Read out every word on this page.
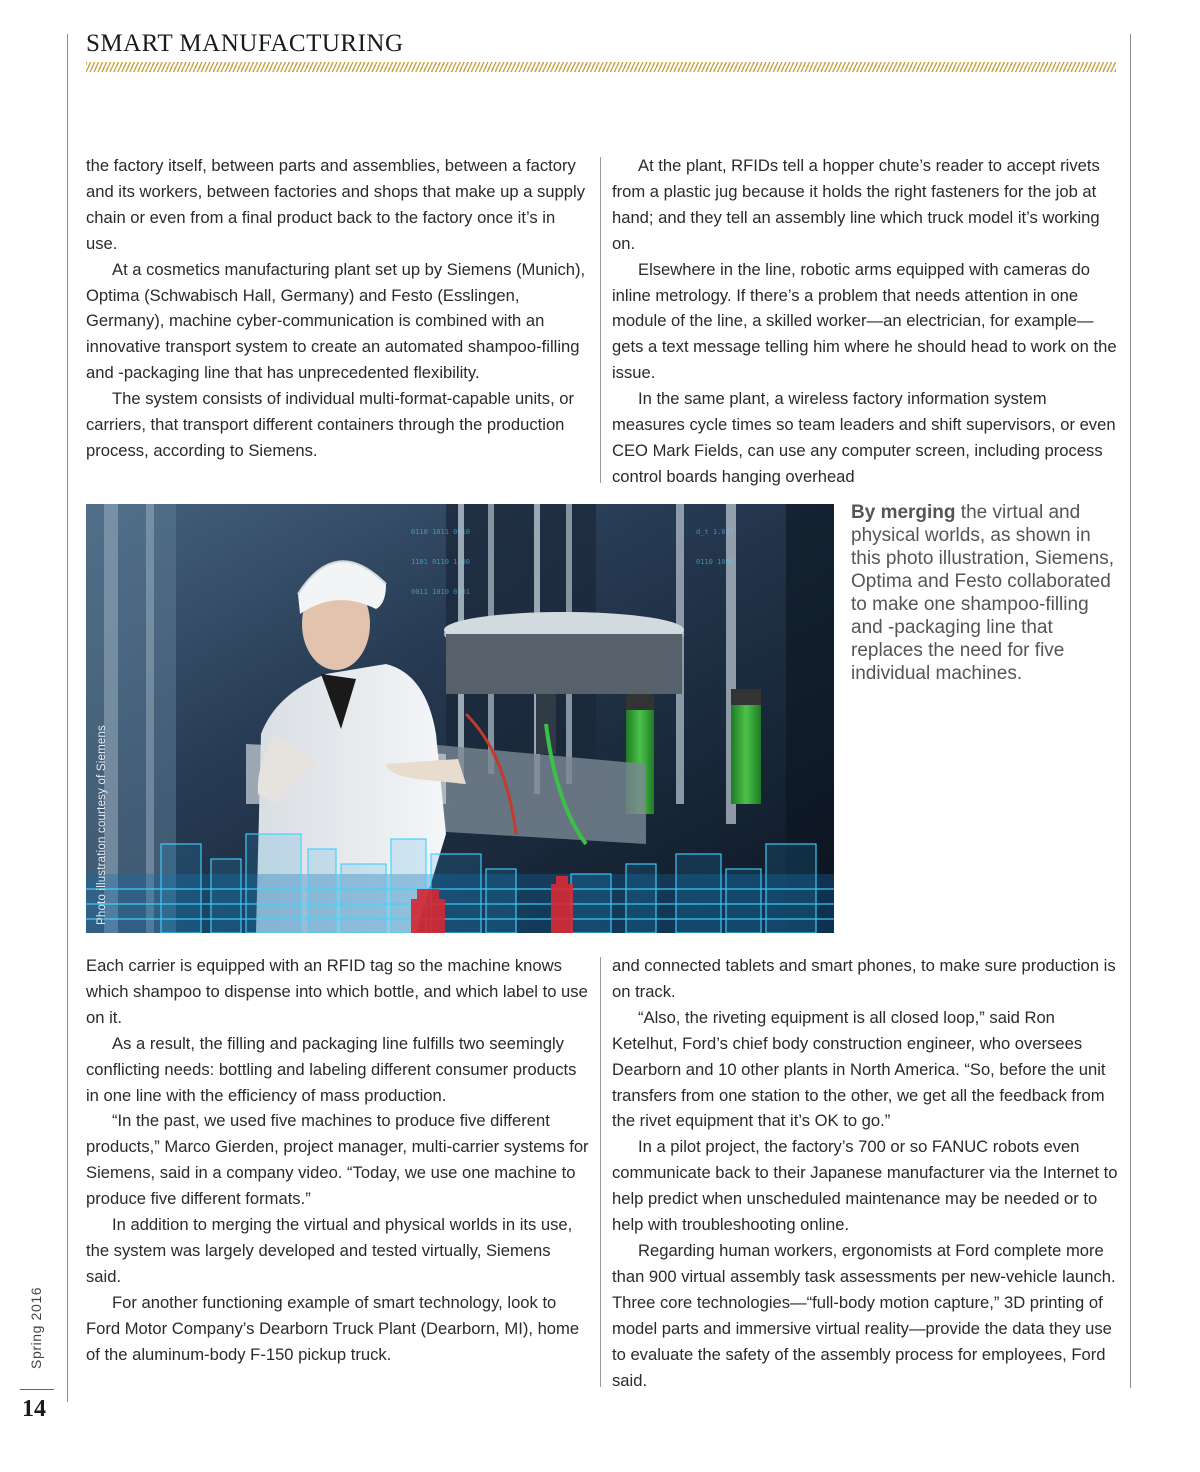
SMART MANUFACTURING

the factory itself, between parts and assemblies, between a factory and its workers, between factories and shops that make up a supply chain or even from a final product back to the factory once it’s in use.

At a cosmetics manufacturing plant set up by Siemens (Munich), Optima (Schwabisch Hall, Germany) and Festo (Esslingen, Germany), machine cyber-communication is combined with an innovative transport system to create an automated shampoo-filling and -packaging line that has unprecedented flexibility.

The system consists of individual multi-format-capable units, or carriers, that transport different containers through the production process, according to Siemens.

At the plant, RFIDs tell a hopper chute’s reader to accept rivets from a plastic jug because it holds the right fasteners for the job at hand; and they tell an assembly line which truck model it’s working on.

Elsewhere in the line, robotic arms equipped with cameras do inline metrology. If there’s a problem that needs attention in one module of the line, a skilled worker—an electrician, for example—gets a text message telling him where he should head to work on the issue.

In the same plant, a wireless factory information system measures cycle times so team leaders and shift supervisors, or even CEO Mark Fields, can use any computer screen, including process control boards hanging overhead

0110 1011 0010
1101 0110 1100
0011 1010 0101
d_t 1.027
0110 1001
Photo illustration courtesy of Siemens
By merging the virtual and physical worlds, as shown in this photo illustration, Siemens, Optima and Festo collaborated to make one shampoo-filling and -packaging line that replaces the need for five individual machines.

Each carrier is equipped with an RFID tag so the machine knows which shampoo to dispense into which bottle, and which label to use on it.

As a result, the filling and packaging line fulfills two seemingly conflicting needs: bottling and labeling different consumer products in one line with the efficiency of mass production.

“In the past, we used five machines to produce five different products,” Marco Gierden, project manager, multi-carrier systems for Siemens, said in a company video. “Today, we use one machine to produce five different formats.”

In addition to merging the virtual and physical worlds in its use, the system was largely developed and tested virtually, Siemens said.

For another functioning example of smart technology, look to Ford Motor Company’s Dearborn Truck Plant (Dearborn, MI), home of the aluminum-body F-150 pickup truck.

and connected tablets and smart phones, to make sure production is on track.

“Also, the riveting equipment is all closed loop,” said Ron Ketelhut, Ford’s chief body construction engineer, who oversees Dearborn and 10 other plants in North America. “So, before the unit transfers from one station to the other, we get all the feedback from the rivet equipment that it’s OK to go.”

In a pilot project, the factory’s 700 or so FANUC robots even communicate back to their Japanese manufacturer via the Internet to help predict when unscheduled maintenance may be needed or to help with troubleshooting online.

Regarding human workers, ergonomists at Ford complete more than 900 virtual assembly task assessments per new-vehicle launch. Three core technologies—“full-body motion capture,” 3D printing of model parts and immersive virtual reality—provide the data they use to evaluate the safety of the assembly process for employees, Ford said.

Spring 2016
14
